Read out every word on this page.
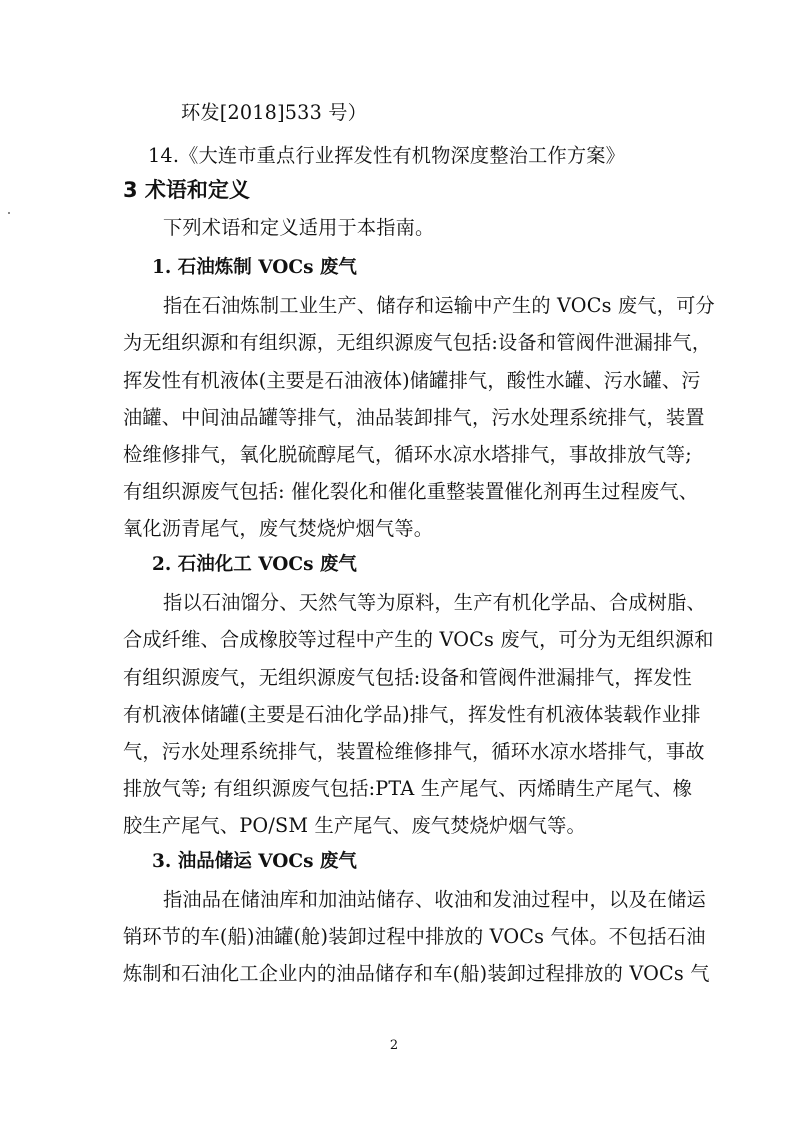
环发[2018]533 号）
14.《大连市重点行业挥发性有机物深度整治工作方案》
3 术语和定义
下列术语和定义适用于本指南。
1. 石油炼制 VOCs 废气
指在石油炼制工业生产、储存和运输中产生的 VOCs 废气，可分
为无组织源和有组织源，无组织源废气包括:设备和管阀件泄漏排气，
挥发性有机液体(主要是石油液体)储罐排气，酸性水罐、污水罐、污
油罐、中间油品罐等排气，油品装卸排气，污水处理系统排气，装置
检维修排气，氧化脱硫醇尾气，循环水凉水塔排气，事故排放气等;
有组织源废气包括: 催化裂化和催化重整装置催化剂再生过程废气、
氧化沥青尾气，废气焚烧炉烟气等。
2. 石油化工 VOCs 废气
指以石油馏分、天然气等为原料，生产有机化学品、合成树脂、
合成纤维、合成橡胶等过程中产生的 VOCs 废气，可分为无组织源和
有组织源废气，无组织源废气包括:设备和管阀件泄漏排气，挥发性
有机液体储罐(主要是石油化学品)排气，挥发性有机液体装载作业排
气，污水处理系统排气，装置检维修排气，循环水凉水塔排气，事故
排放气等; 有组织源废气包括:PTA 生产尾气、丙烯睛生产尾气、橡
胶生产尾气、PO/SM 生产尾气、废气焚烧炉烟气等。
3. 油品储运 VOCs 废气
指油品在储油库和加油站储存、收油和发油过程中，以及在储运
销环节的车(船)油罐(舱)装卸过程中排放的 VOCs 气体。不包括石油
炼制和石油化工企业内的油品储存和车(船)装卸过程排放的 VOCs 气
2
